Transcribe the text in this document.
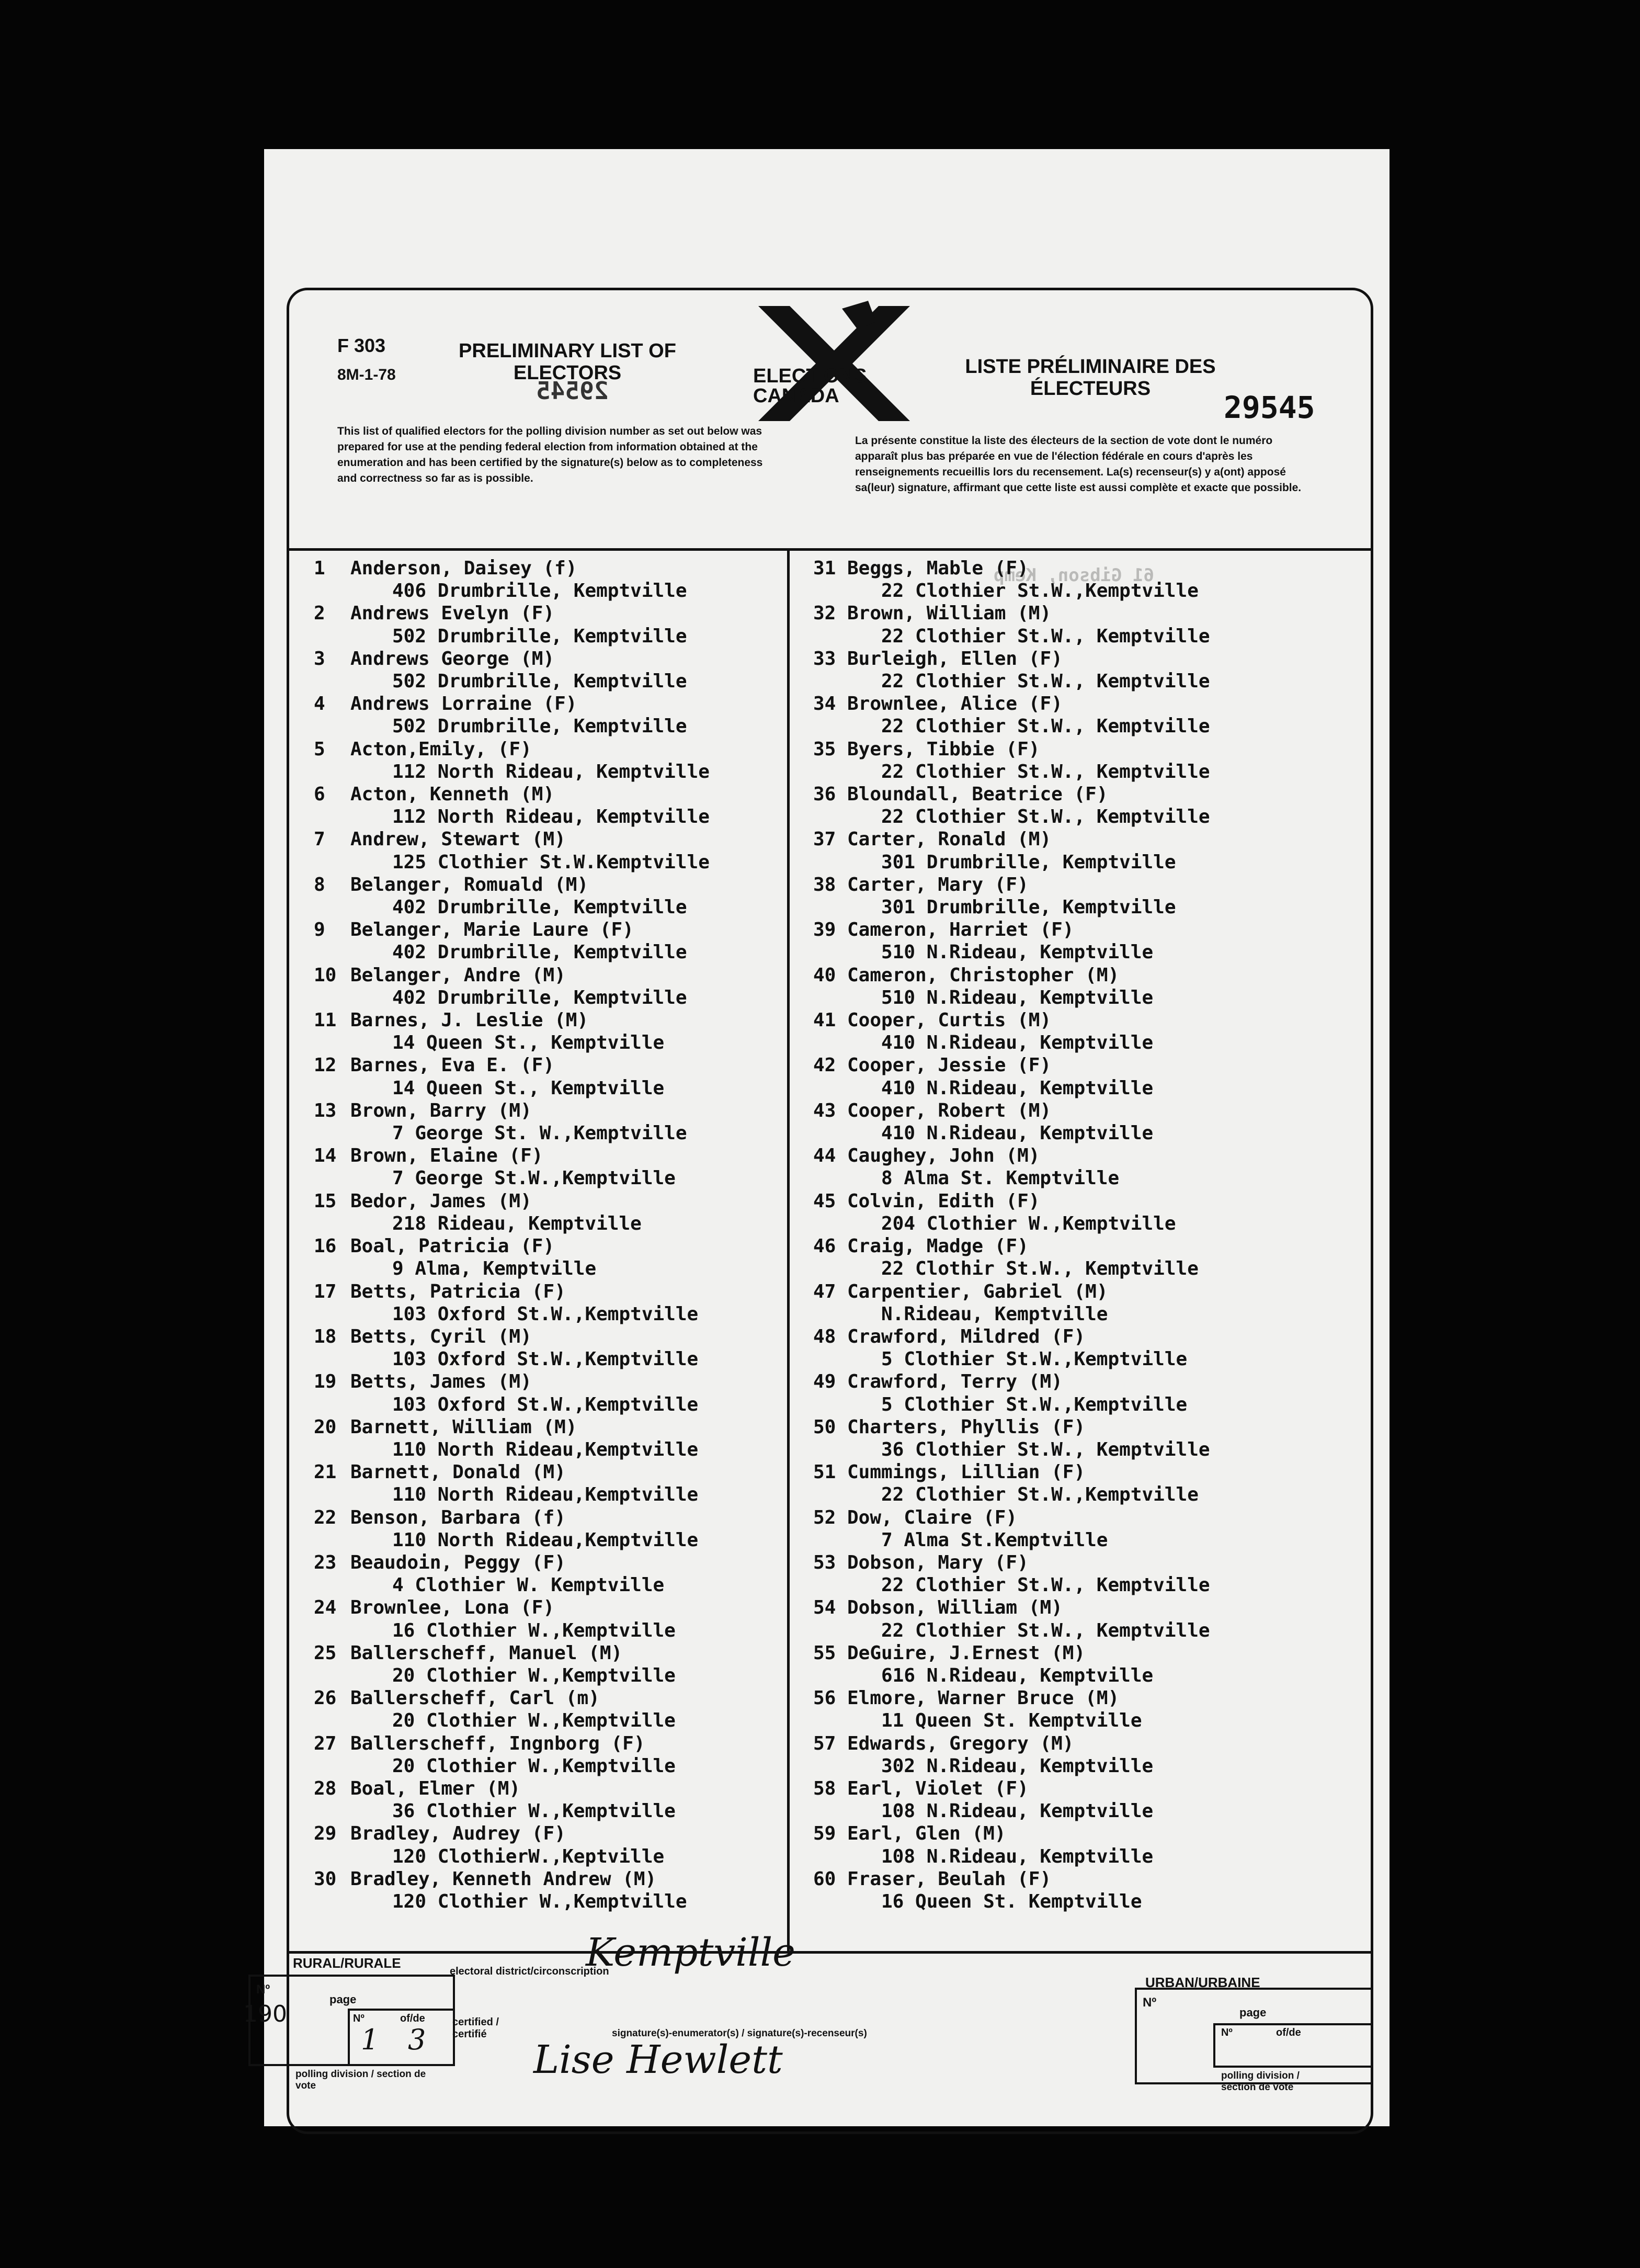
F 303
8M-1-78
PRELIMINARY LIST OF ELECTORS
29545
ELECTIONS
CANADA
LISTE PRÉLIMINAIRE DES ÉLECTEURS
29545
This list of qualified electors for the polling division number as set out below was prepared for use at the pending federal election from information obtained at the enumeration and has been certified by the signature(s) below as to completeness and correctness so far as is possible.
La présente constitue la liste des électeurs de la section de vote dont le numéro apparaît plus bas préparée en vue de l'élection fédérale en cours d'après les renseignements recueillis lors du recensement. La(s) recenseur(s) y a(ont) apposé sa(leur) signature, affirmant que cette liste est aussi complète et exacte que possible.
61 Gibson, Kemp
1 Anderson, Daisey (f)
406 Drumbrille, Kemptville
2 Andrews Evelyn (F)
502 Drumbrille, Kemptville
3 Andrews George (M)
502 Drumbrille, Kemptville
4 Andrews Lorraine (F)
502 Drumbrille, Kemptville
5 Acton,Emily, (F)
112 North Rideau, Kemptville
6 Acton, Kenneth (M)
112 North Rideau, Kemptville
7 Andrew, Stewart (M)
125 Clothier St.W.Kemptville
8 Belanger, Romuald (M)
402 Drumbrille, Kemptville
9 Belanger, Marie Laure (F)
402 Drumbrille, Kemptville
10 Belanger, Andre (M)
402 Drumbrille, Kemptville
11 Barnes, J. Leslie (M)
14 Queen St., Kemptville
12 Barnes, Eva E. (F)
14 Queen St., Kemptville
13 Brown, Barry (M)
7 George St. W.,Kemptville
14 Brown, Elaine (F)
7 George St.W.,Kemptville
15 Bedor, James (M)
218 Rideau, Kemptville
16 Boal, Patricia (F)
9 Alma, Kemptville
17 Betts, Patricia (F)
103 Oxford St.W.,Kemptville
18 Betts, Cyril (M)
103 Oxford St.W.,Kemptville
19 Betts, James (M)
103 Oxford St.W.,Kemptville
20 Barnett, William (M)
110 North Rideau,Kemptville
21 Barnett, Donald (M)
110 North Rideau,Kemptville
22 Benson, Barbara (f)
110 North Rideau,Kemptville
23 Beaudoin, Peggy (F)
4 Clothier W. Kemptville
24 Brownlee, Lona (F)
16 Clothier W.,Kemptville
25 Ballerscheff, Manuel (M)
20 Clothier W.,Kemptville
26 Ballerscheff, Carl (m)
20 Clothier W.,Kemptville
27 Ballerscheff, Ingnborg (F)
20 Clothier W.,Kemptville
28 Boal, Elmer (M)
36 Clothier W.,Kemptville
29 Bradley, Audrey (F)
120 ClothierW.,Keptville
30 Bradley, Kenneth Andrew (M)
120 Clothier W.,Kemptville
31 Beggs, Mable (F)
22 Clothier St.W.,Kemptville
32 Brown, William (M)
22 Clothier St.W., Kemptville
33 Burleigh, Ellen (F)
22 Clothier St.W., Kemptville
34 Brownlee, Alice (F)
22 Clothier St.W., Kemptville
35 Byers, Tibbie (F)
22 Clothier St.W., Kemptville
36 Bloundall, Beatrice (F)
22 Clothier St.W., Kemptville
37 Carter, Ronald (M)
301 Drumbrille, Kemptville
38 Carter, Mary (F)
301 Drumbrille, Kemptville
39 Cameron, Harriet (F)
510 N.Rideau, Kemptville
40 Cameron, Christopher (M)
510 N.Rideau, Kemptville
41 Cooper, Curtis (M)
410 N.Rideau, Kemptville
42 Cooper, Jessie (F)
410 N.Rideau, Kemptville
43 Cooper, Robert (M)
410 N.Rideau, Kemptville
44 Caughey, John (M)
8 Alma St. Kemptville
45 Colvin, Edith (F)
204 Clothier W.,Kemptville
46 Craig, Madge (F)
22 Clothir St.W., Kemptville
47 Carpentier, Gabriel (M)
N.Rideau, Kemptville
48 Crawford, Mildred (F)
5 Clothier St.W.,Kemptville
49 Crawford, Terry (M)
5 Clothier St.W.,Kemptville
50 Charters, Phyllis (F)
36 Clothier St.W., Kemptville
51 Cummings, Lillian (F)
22 Clothier St.W.,Kemptville
52 Dow, Claire (F)
7 Alma St.Kemptville
53 Dobson, Mary (F)
22 Clothier St.W., Kemptville
54 Dobson, William (M)
22 Clothier St.W., Kemptville
55 DeGuire, J.Ernest (M)
616 N.Rideau, Kemptville
56 Elmore, Warner Bruce (M)
11 Queen St. Kemptville
57 Edwards, Gregory (M)
302 N.Rideau, Kemptville
58 Earl, Violet (F)
108 N.Rideau, Kemptville
59 Earl, Glen (M)
108 N.Rideau, Kemptville
60 Fraser, Beulah (F)
16 Queen St. Kemptville
RURAL/RURALE
URBAN/URBAINE
electoral district/circonscription
Nº
page
190	Nº	of/de
1 3
polling division / section de vote
certified / certifié
Kemptville
signature(s)-enumerator(s) / signature(s)-recenseur(s)
Lise Hewlett
Nº
page
Nº	of/de
polling division / section de vote
